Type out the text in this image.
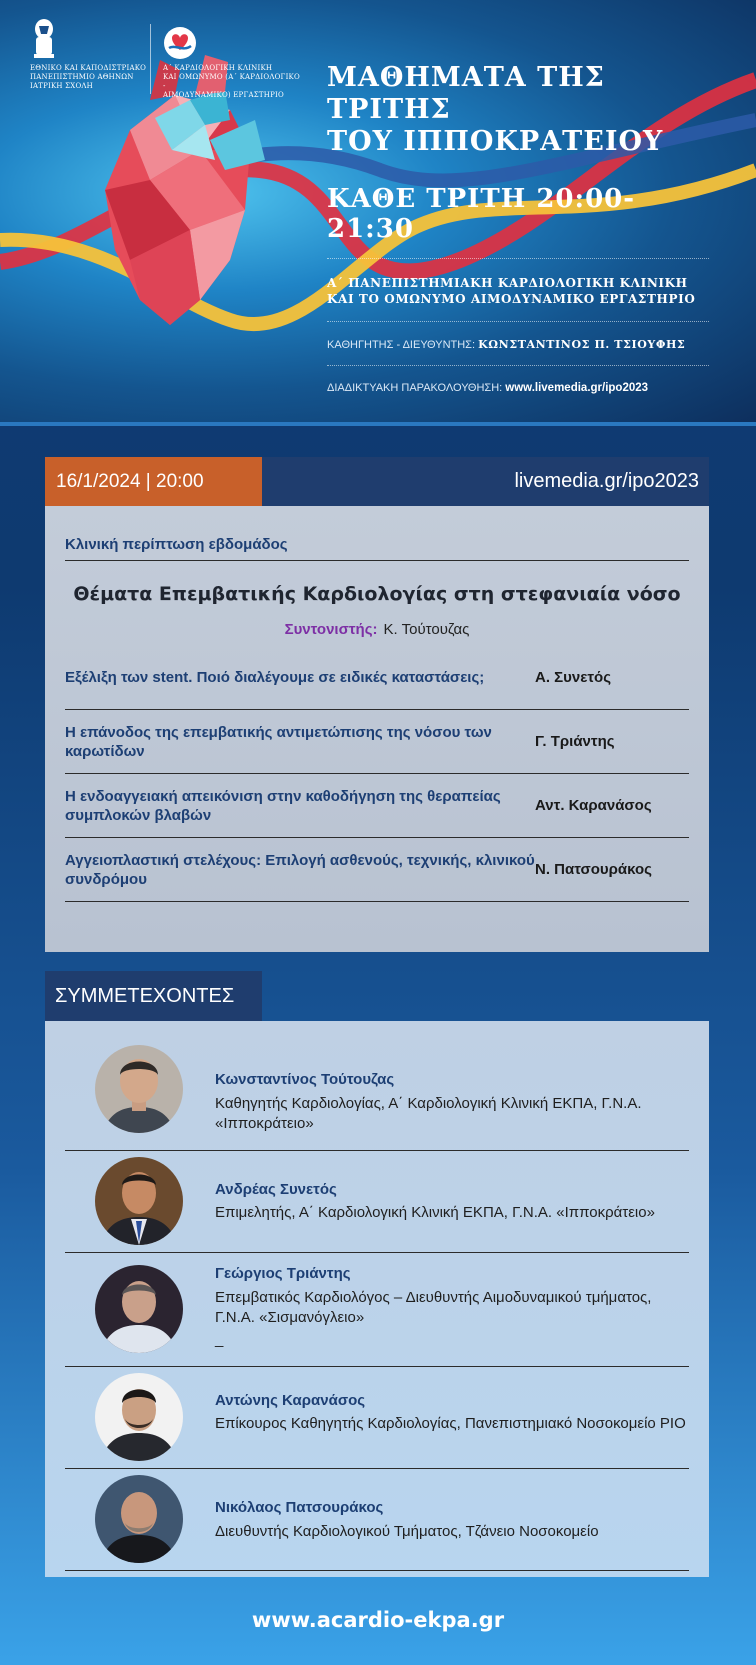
ΕΘΝΙΚΟ ΚΑΙ ΚΑΠΟΔΙΣΤΡΙΑΚΟ
ΠΑΝΕΠΙΣΤΗΜΙΟ ΑΘΗΝΩΝ
ΙΑΤΡΙΚΗ ΣΧΟΛΗ
Α΄ ΚΑΡΔΙΟΛΟΓΙΚΗ ΚΛΙΝΙΚΗ
ΚΑΙ ΟΜΩΝΥΜΟ (Α΄ ΚΑΡΔΙΟΛΟΓΙΚΟ -
ΑΙΜΟΔΥΝΑΜΙΚΟ) ΕΡΓΑΣΤΗΡΙΟ
ΜΑΘΗΜΑΤΑ ΤΗΣ ΤΡΙΤΗΣ
ΤΟΥ ΙΠΠΟΚΡΑΤΕΙΟΥ
ΚΑΘΕ ΤΡΙΤΗ 20:00-21:30
Α΄ ΠΑΝΕΠΙΣΤΗΜΙΑΚΗ ΚΑΡΔΙΟΛΟΓΙΚΗ ΚΛΙΝΙΚΗ
ΚΑΙ ΤΟ ΟΜΩΝΥΜΟ ΑΙΜΟΔΥΝΑΜΙΚΟ ΕΡΓΑΣΤΗΡΙΟ
ΚΑΘΗΓΗΤΗΣ - ΔΙΕΥΘΥΝΤΗΣ: ΚΩΝΣΤΑΝΤΙΝΟΣ Π. ΤΣΙΟΥΦΗΣ
ΔΙΑΔΙΚΤΥΑΚΗ ΠΑΡΑΚΟΛΟΥΘΗΣΗ: www.livemedia.gr/ipo2023
16/1/2024 | 20:00	livemedia.gr/ipo2023
Κλινική περίπτωση εβδομάδος
Θέματα Επεμβατικής Καρδιολογίας στη στεφανιαία νόσο
Συντονιστής: Κ. Τούτουζας
Εξέλιξη των stent. Ποιό διαλέγουμε σε ειδικές καταστάσεις;	Α. Συνετός
Η επάνοδος της επεμβατικής αντιμετώπισης της νόσου των καρωτίδων
Γ. Τριάντης
Η ενδοαγγειακή απεικόνιση στην καθοδήγηση της θεραπείας συμπλοκών βλαβών
Αντ. Καρανάσος
Αγγειοπλαστική στελέχους: Επιλογή ασθενούς, τεχνικής, κλινικού συνδρόμου
Ν. Πατσουράκος
ΣΥΜΜΕΤΕΧΟΝΤΕΣ
Κωνσταντίνος Τούτουζας
Καθηγητής Καρδιολογίας, Α΄ Καρδιολογική Κλινική ΕΚΠΑ, Γ.Ν.Α. «Ιπποκράτειο»
Ανδρέας Συνετός
Επιμελητής, Α΄ Καρδιολογική Κλινική ΕΚΠΑ, Γ.Ν.Α. «Ιπποκράτειο»
Γεώργιος Τριάντης
Επεμβατικός Καρδιολόγος – Διευθυντής Αιμοδυναμικού τμήματος, Γ.Ν.Α. «Σισμανόγλειο»
_
Αντώνης Καρανάσος
Επίκουρος Καθηγητής Καρδιολογίας, Πανεπιστημιακό Νοσοκομείο ΡΙΟ
Νικόλαος Πατσουράκος
Διευθυντής Καρδιολογικού Τμήματος, Τζάνειο Νοσοκομείο
www.acardio-ekpa.gr
